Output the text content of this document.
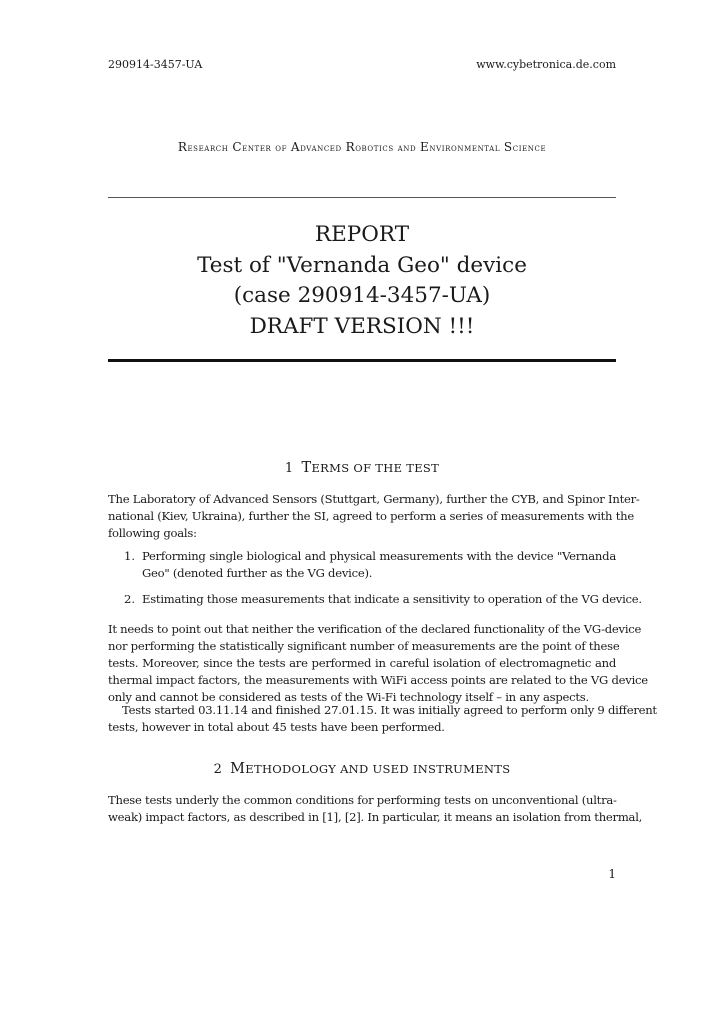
290914-3457-UA	www.cybetronica.de.com
Research Center of Advanced Robotics and Environmental Science
REPORT
Test of "Vernanda Geo" device
(case 290914-3457-UA)
DRAFT VERSION !!!
1 TERMS OF THE TEST
The Laboratory of Advanced Sensors (Stuttgart, Germany), further the CYB, and Spinor Inter-
national (Kiev, Ukraina), further the SI, agreed to perform a series of measurements with the
following goals:
1. Performing single biological and physical measurements with the device "Vernanda
Geo" (denoted further as the VG device).
2. Estimating those measurements that indicate a sensitivity to operation of the VG device.
It needs to point out that neither the verification of the declared functionality of the VG-device
nor performing the statistically significant number of measurements are the point of these
tests. Moreover, since the tests are performed in careful isolation of electromagnetic and
thermal impact factors, the measurements with WiFi access points are related to the VG device
only and cannot be considered as tests of the Wi-Fi technology itself – in any aspects.
Tests started 03.11.14 and finished 27.01.15. It was initially agreed to perform only 9 different
tests, however in total about 45 tests have been performed.
2 METHODOLOGY AND USED INSTRUMENTS
These tests underly the common conditions for performing tests on unconventional (ultra-
weak) impact factors, as described in [1], [2]. In particular, it means an isolation from thermal,
1
